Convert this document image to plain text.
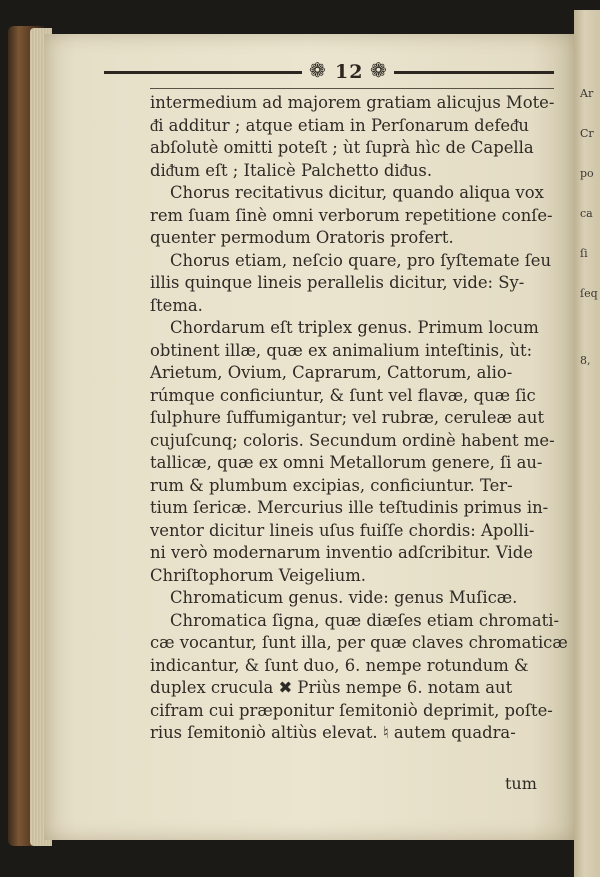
Ar
Cr
po
ca
ſi
ſeq
8,
❁ 12 ❁
intermedium ad majorem gratiam alicujus Mote-
ᵭi additur ; atque etiam in Perſonarum defeᵭu
abſolutè omitti poteſt ; ùt ſuprà hìc de Capella
diᵭum eſt ; Italicè Palchetto diᵭus.
Chorus recitativus dicitur, quando aliqua vox
rem ſuam ſinè omni verborum repetitione conſe-
quenter permodum Oratoris profert.
Chorus etiam, neſcio quare, pro ſyſtemate ſeu
illis quinque lineis perallelis dicitur, vide: Sy-
ſtema.
Chordarum eſt triplex genus. Primum locum
obtinent illæ, quæ ex animalium inteſtinis, ùt:
Arietum, Ovium, Caprarum, Cattorum, alio-
rúmque conficiuntur, & ſunt vel flavæ, quæ ſic
ſulphure ſuffumigantur; vel rubræ, ceruleæ aut
cujuſcunq; coloris. Secundum ordinè habent me-
tallicæ, quæ ex omni Metallorum genere, ſi au-
rum & plumbum excipias, conficiuntur. Ter-
tium ſericæ. Mercurius ille teſtudinis primus in-
ventor dicitur lineis uſus fuiſſe chordis: Apolli-
ni verò modernarum inventio adſcribitur. Vide
Chriſtophorum Veigelium.
Chromaticum genus. vide: genus Muſicæ.
Chromatica ſigna, quæ diæſes etiam chromati-
cæ vocantur, ſunt illa, per quæ claves chromaticæ
indicantur, & ſunt duo, 6. nempe rotundum &
duplex crucula ✖ Priùs nempe 6. notam aut
cifram cui præponitur ſemitoniò deprimit, poſte-
rius ſemitoniò altiùs elevat. ♮ autem quadra-
tum
